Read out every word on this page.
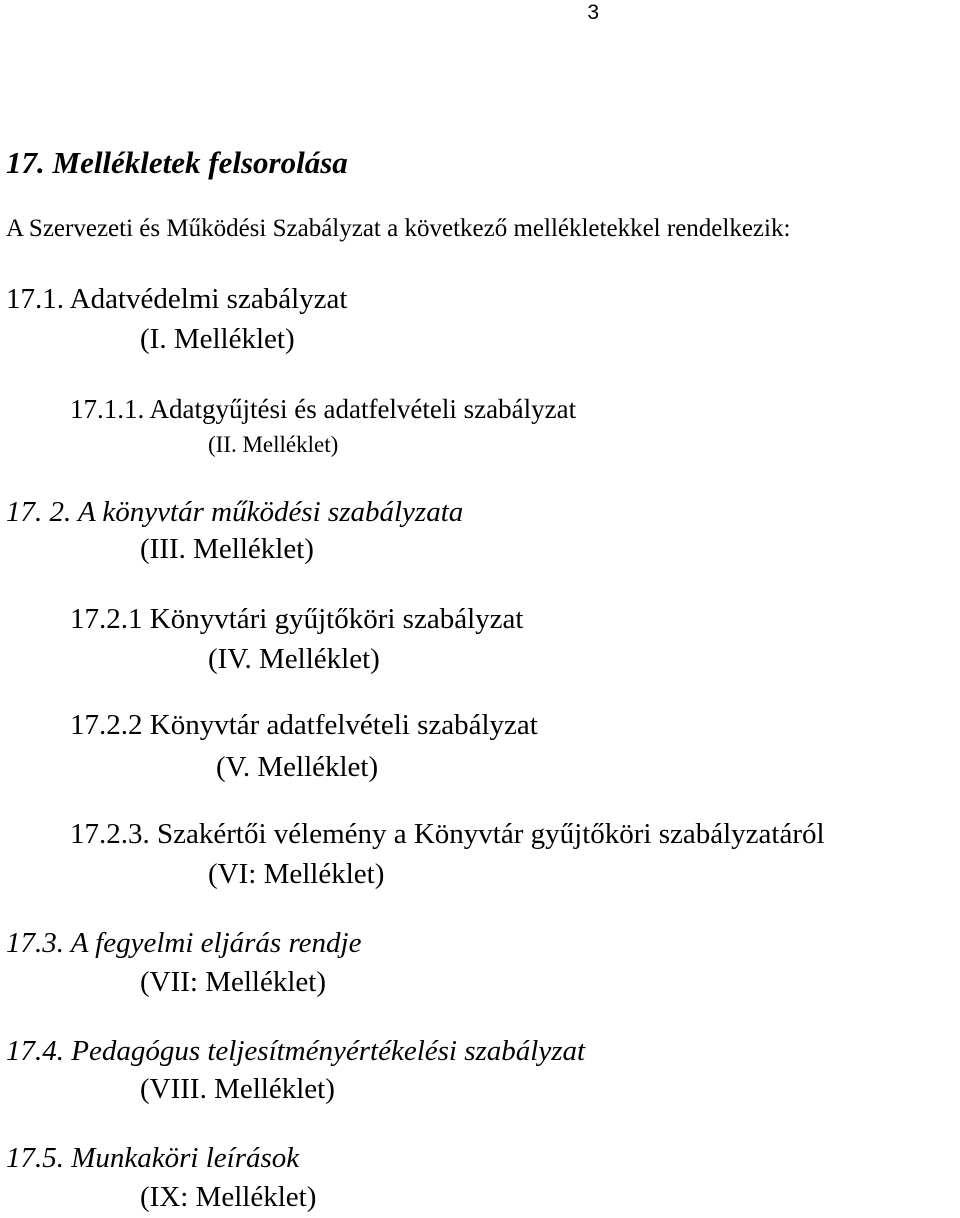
3
17. Mellékletek felsorolása
A Szervezeti és Működési Szabályzat a következő mellékletekkel rendelkezik:
17.1. Adatvédelmi szabályzat
(I. Melléklet)
17.1.1. Adatgyűjtési és adatfelvételi szabályzat
(II. Melléklet)
17. 2. A könyvtár működési szabályzata
(III. Melléklet)
17.2.1 Könyvtári gyűjtőköri szabályzat
(IV. Melléklet)
17.2.2 Könyvtár adatfelvételi szabályzat
(V. Melléklet)
17.2.3. Szakértői vélemény a Könyvtár gyűjtőköri szabályzatáról
(VI: Melléklet)
17.3. A fegyelmi eljárás rendje
(VII: Melléklet)
17.4. Pedagógus teljesítményértékelési szabályzat
(VIII. Melléklet)
17.5. Munkaköri leírások
(IX: Melléklet)
